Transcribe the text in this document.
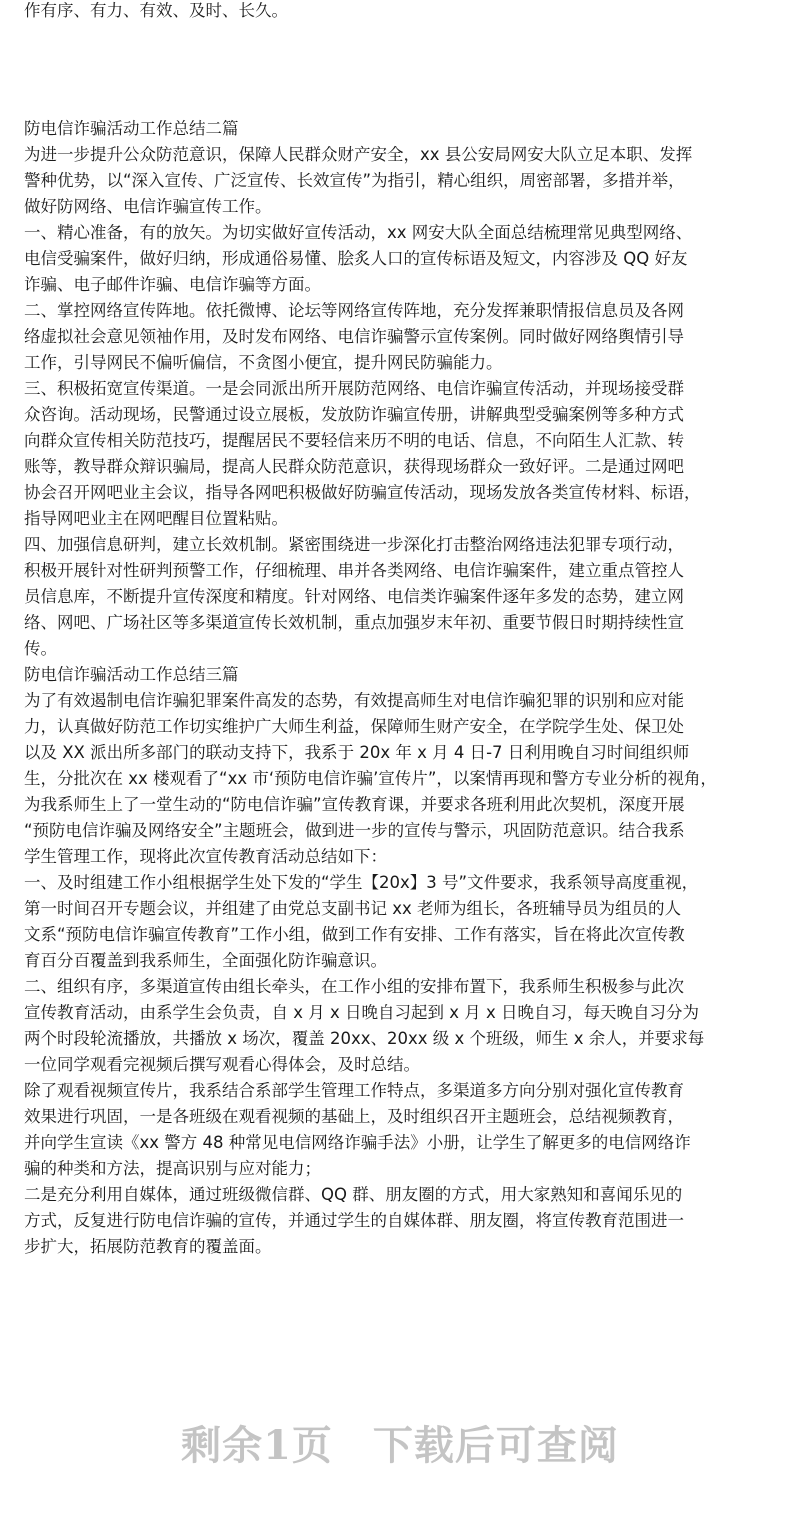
作有序、有力、有效、及时、长久。
防电信诈骗活动工作总结二篇
为进一步提升公众防范意识，保障人民群众财产安全，xx 县公安局网安大队立足本职、发挥
警种优势，以“深入宣传、广泛宣传、长效宣传”为指引，精心组织，周密部署，多措并举，
做好防网络、电信诈骗宣传工作。
一、精心准备，有的放矢。为切实做好宣传活动，xx 网安大队全面总结梳理常见典型网络、
电信受骗案件，做好归纳，形成通俗易懂、脍炙人口的宣传标语及短文，内容涉及 QQ 好友
诈骗、电子邮件诈骗、电信诈骗等方面。
二、掌控网络宣传阵地。依托微博、论坛等网络宣传阵地，充分发挥兼职情报信息员及各网
络虚拟社会意见领袖作用，及时发布网络、电信诈骗警示宣传案例。同时做好网络舆情引导
工作，引导网民不偏听偏信，不贪图小便宜，提升网民防骗能力。
三、积极拓宽宣传渠道。一是会同派出所开展防范网络、电信诈骗宣传活动，并现场接受群
众咨询。活动现场，民警通过设立展板，发放防诈骗宣传册，讲解典型受骗案例等多种方式
向群众宣传相关防范技巧，提醒居民不要轻信来历不明的电话、信息，不向陌生人汇款、转
账等，教导群众辩识骗局，提高人民群众防范意识，获得现场群众一致好评。二是通过网吧
协会召开网吧业主会议，指导各网吧积极做好防骗宣传活动，现场发放各类宣传材料、标语，
指导网吧业主在网吧醒目位置粘贴。
四、加强信息研判，建立长效机制。紧密围绕进一步深化打击整治网络违法犯罪专项行动，
积极开展针对性研判预警工作，仔细梳理、串并各类网络、电信诈骗案件，建立重点管控人
员信息库，不断提升宣传深度和精度。针对网络、电信类诈骗案件逐年多发的态势，建立网
络、网吧、广场社区等多渠道宣传长效机制，重点加强岁末年初、重要节假日时期持续性宣
传。
防电信诈骗活动工作总结三篇
为了有效遏制电信诈骗犯罪案件高发的态势，有效提高师生对电信诈骗犯罪的识别和应对能
力，认真做好防范工作切实维护广大师生利益，保障师生财产安全，在学院学生处、保卫处
以及 XX 派出所多部门的联动支持下，我系于 20x 年 x 月 4 日-7 日利用晚自习时间组织师
生，分批次在 xx 楼观看了“xx 市‘预防电信诈骗’宣传片”，以案情再现和警方专业分析的视角，
为我系师生上了一堂生动的“防电信诈骗”宣传教育课，并要求各班利用此次契机，深度开展
“预防电信诈骗及网络安全”主题班会，做到进一步的宣传与警示，巩固防范意识。结合我系
学生管理工作，现将此次宣传教育活动总结如下：
一、及时组建工作小组根据学生处下发的“学生【20x】3 号”文件要求，我系领导高度重视，
第一时间召开专题会议，并组建了由党总支副书记 xx 老师为组长，各班辅导员为组员的人
文系“预防电信诈骗宣传教育”工作小组，做到工作有安排、工作有落实，旨在将此次宣传教
育百分百覆盖到我系师生，全面强化防诈骗意识。
二、组织有序，多渠道宣传由组长牵头，在工作小组的安排布置下，我系师生积极参与此次
宣传教育活动，由系学生会负责，自 x 月 x 日晚自习起到 x 月 x 日晚自习，每天晚自习分为
两个时段轮流播放，共播放 x 场次，覆盖 20xx、20xx 级 x 个班级，师生 x 余人，并要求每
一位同学观看完视频后撰写观看心得体会，及时总结。
除了观看视频宣传片，我系结合系部学生管理工作特点，多渠道多方向分别对强化宣传教育
效果进行巩固，一是各班级在观看视频的基础上，及时组织召开主题班会，总结视频教育，
并向学生宣读《xx 警方 48 种常见电信网络诈骗手法》小册，让学生了解更多的电信网络诈
骗的种类和方法，提高识别与应对能力；
二是充分利用自媒体，通过班级微信群、QQ 群、朋友圈的方式，用大家熟知和喜闻乐见的
方式，反复进行防电信诈骗的宣传，并通过学生的自媒体群、朋友圈，将宣传教育范围进一
步扩大，拓展防范教育的覆盖面。
剩余1页 下载后可查阅
